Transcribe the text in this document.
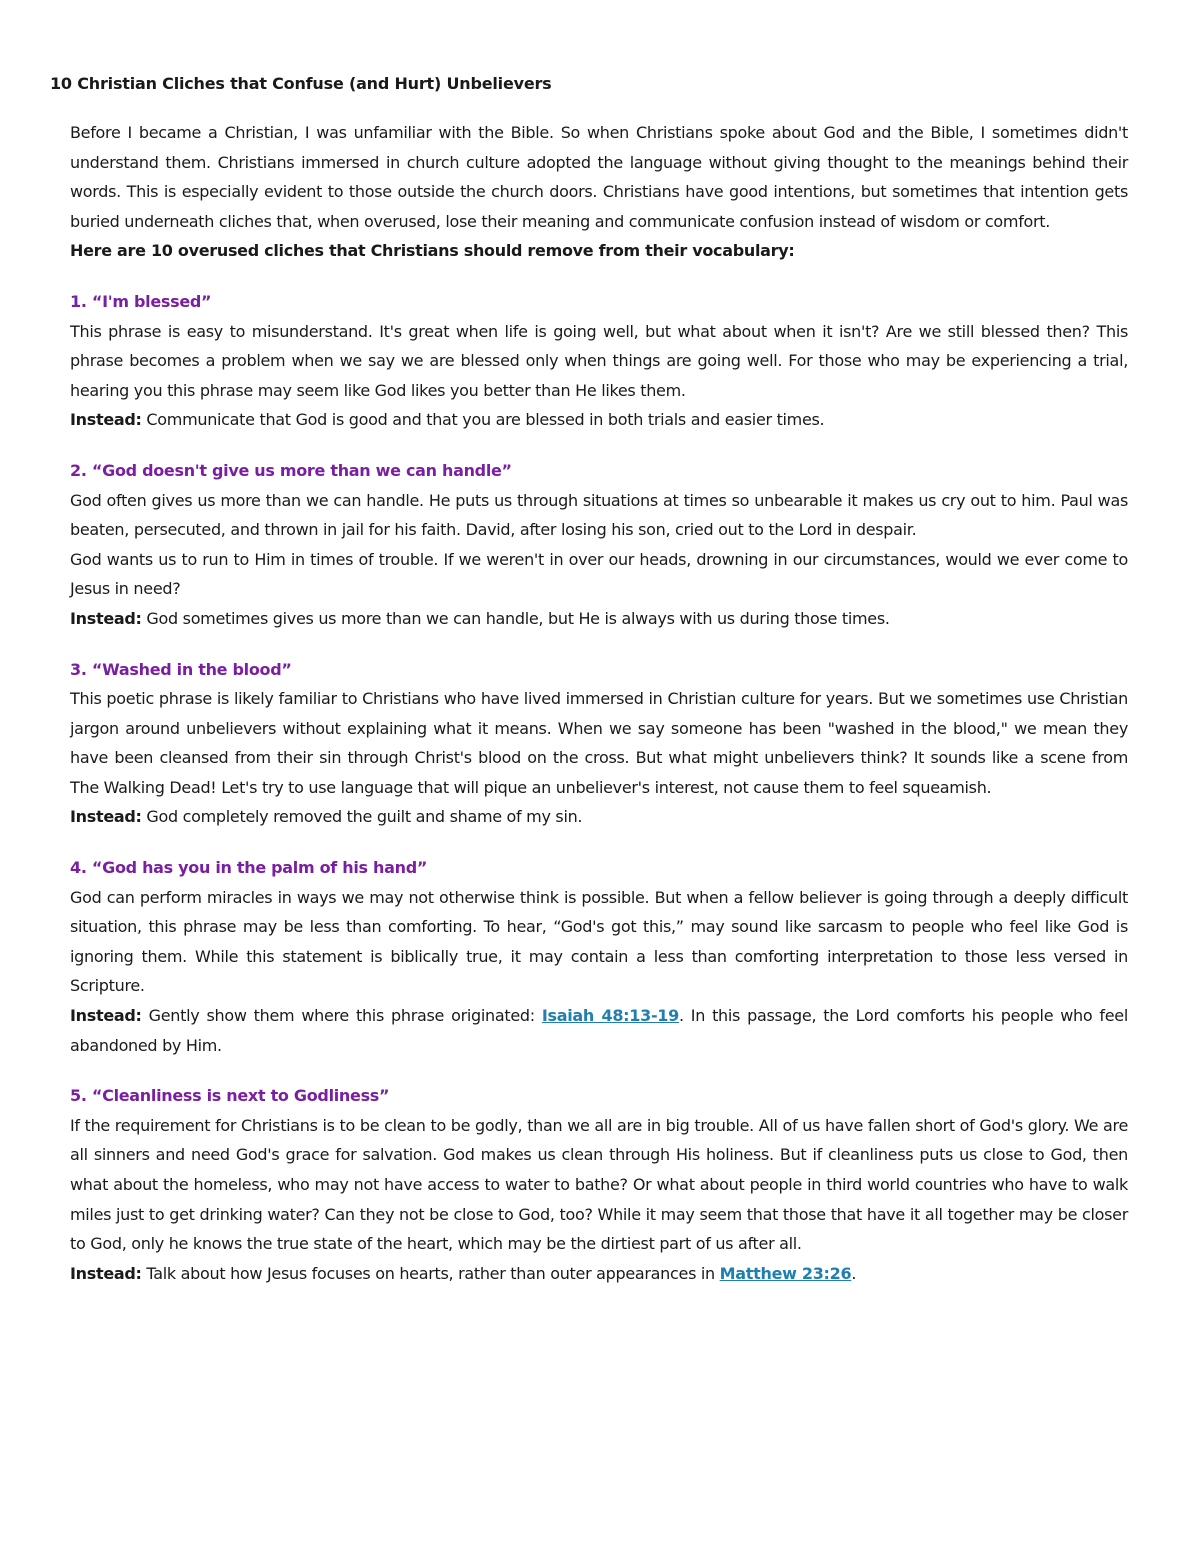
10 Christian Cliches that Confuse (and Hurt) Unbelievers

Before I became a Christian, I was unfamiliar with the Bible. So when Christians spoke about God and the Bible, I sometimes didn't understand them. Christians immersed in church culture adopted the language without giving thought to the meanings behind their words. This is especially evident to those outside the church doors. Christians have good intentions, but sometimes that intention gets buried underneath cliches that, when overused, lose their meaning and communicate confusion instead of wisdom or comfort.

Here are 10 overused cliches that Christians should remove from their vocabulary:

1. “I'm blessed”

This phrase is easy to misunderstand. It's great when life is going well, but what about when it isn't? Are we still blessed then? This phrase becomes a problem when we say we are blessed only when things are going well. For those who may be experiencing a trial, hearing you this phrase may seem like God likes you better than He likes them.

Instead: Communicate that God is good and that you are blessed in both trials and easier times.

2. “God doesn't give us more than we can handle”

God often gives us more than we can handle. He puts us through situations at times so unbearable it makes us cry out to him. Paul was beaten, persecuted, and thrown in jail for his faith. David, after losing his son, cried out to the Lord in despair.

God wants us to run to Him in times of trouble. If we weren't in over our heads, drowning in our circumstances, would we ever come to Jesus in need?

Instead: God sometimes gives us more than we can handle, but He is always with us during those times.

3. “Washed in the blood”

This poetic phrase is likely familiar to Christians who have lived immersed in Christian culture for years. But we sometimes use Christian jargon around unbelievers without explaining what it means. When we say someone has been "washed in the blood," we mean they have been cleansed from their sin through Christ's blood on the cross. But what might unbelievers think? It sounds like a scene from The Walking Dead! Let's try to use language that will pique an unbeliever's interest, not cause them to feel squeamish.

Instead: God completely removed the guilt and shame of my sin.

4. “God has you in the palm of his hand”

God can perform miracles in ways we may not otherwise think is possible. But when a fellow believer is going through a deeply difficult situation, this phrase may be less than comforting. To hear, “God's got this,” may sound like sarcasm to people who feel like God is ignoring them. While this statement is biblically true, it may contain a less than comforting interpretation to those less versed in Scripture.

Instead: Gently show them where this phrase originated: Isaiah 48:13-19. In this passage, the Lord comforts his people who feel abandoned by Him.

5. “Cleanliness is next to Godliness”

If the requirement for Christians is to be clean to be godly, than we all are in big trouble. All of us have fallen short of God's glory. We are all sinners and need God's grace for salvation. God makes us clean through His holiness. But if cleanliness puts us close to God, then what about the homeless, who may not have access to water to bathe? Or what about people in third world countries who have to walk miles just to get drinking water? Can they not be close to God, too? While it may seem that those that have it all together may be closer to God, only he knows the true state of the heart, which may be the dirtiest part of us after all.

Instead: Talk about how Jesus focuses on hearts, rather than outer appearances in Matthew 23:26.
